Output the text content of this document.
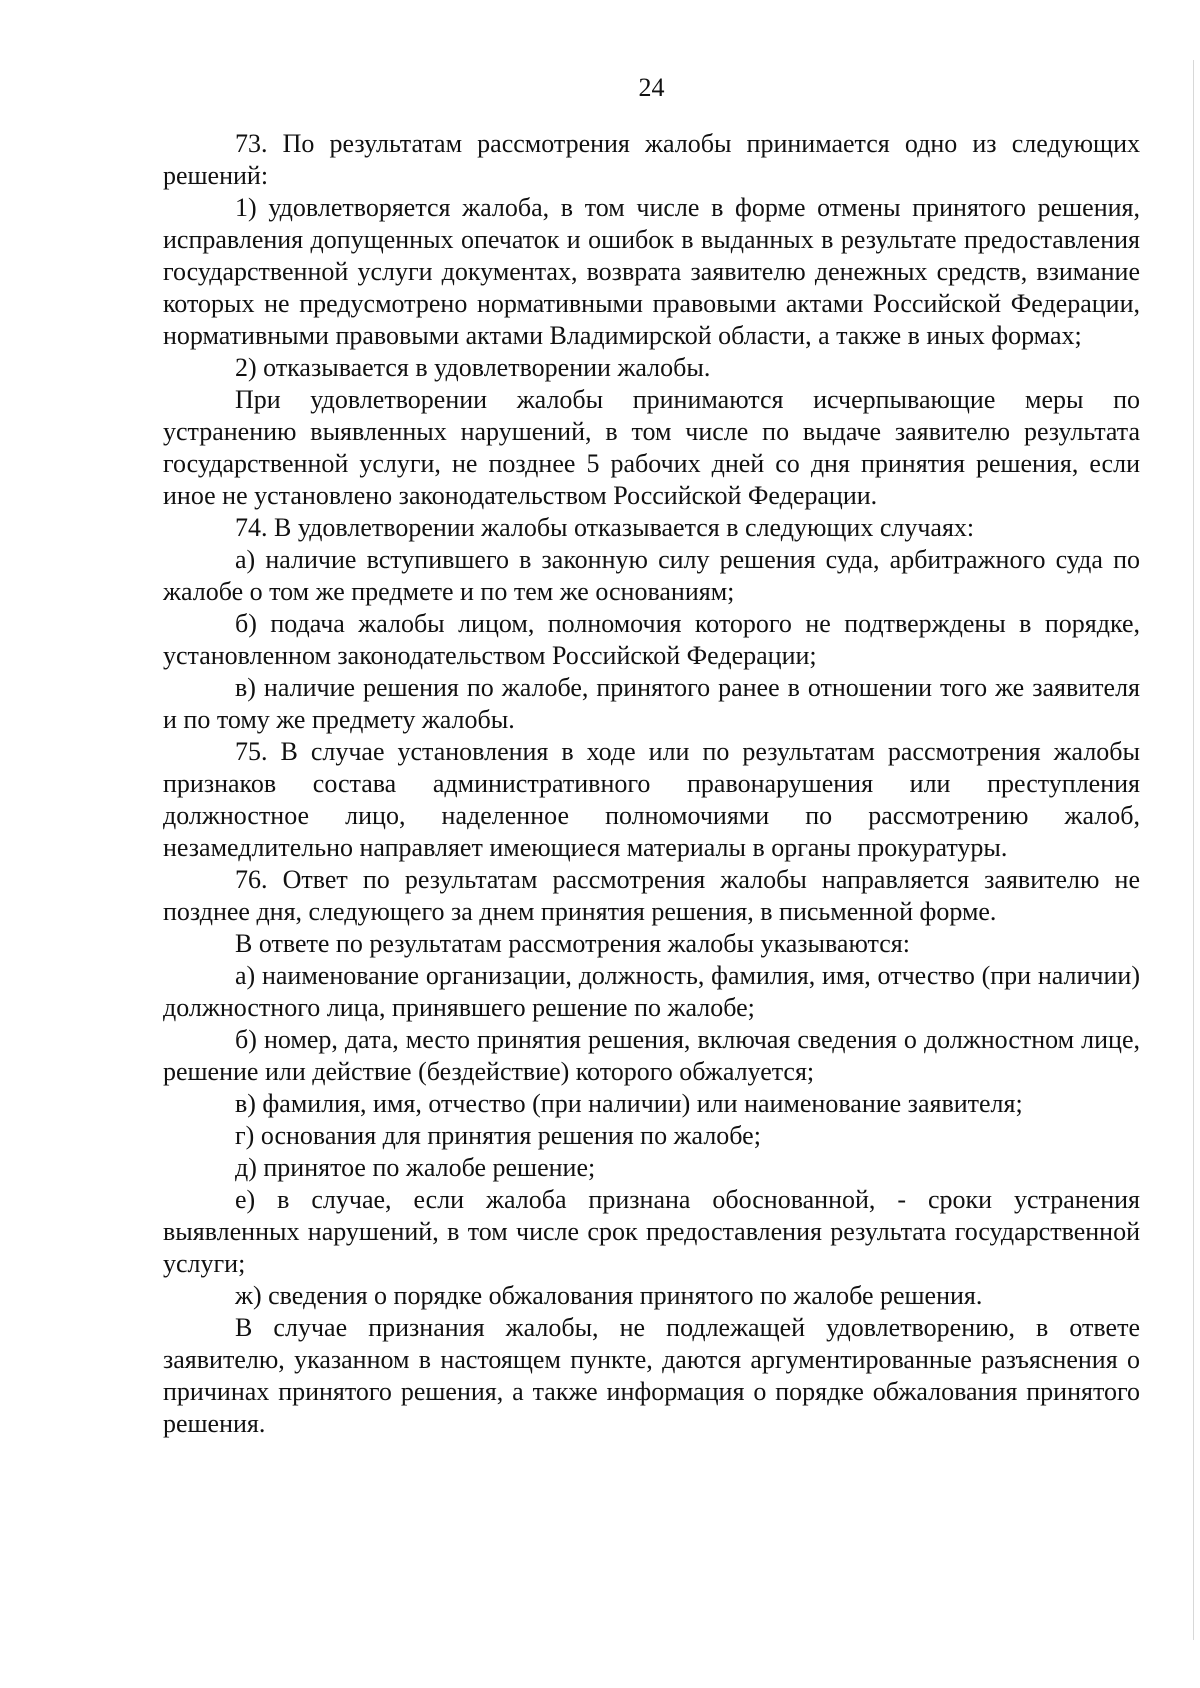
24

73. По результатам рассмотрения жалобы принимается одно из следующих решений:

1) удовлетворяется жалоба, в том числе в форме отмены принятого решения, исправления допущенных опечаток и ошибок в выданных в результате предоставления государственной услуги документах, возврата заявителю денежных средств, взимание которых не предусмотрено нормативными правовыми актами Российской Федерации, нормативными правовыми актами Владимирской области, а также в иных формах;

2) отказывается в удовлетворении жалобы.

При удовлетворении жалобы принимаются исчерпывающие меры по устранению выявленных нарушений, в том числе по выдаче заявителю результата государственной услуги, не позднее 5 рабочих дней со дня принятия решения, если иное не установлено законодательством Российской Федерации.

74. В удовлетворении жалобы отказывается в следующих случаях:

а) наличие вступившего в законную силу решения суда, арбитражного суда по жалобе о том же предмете и по тем же основаниям;

б) подача жалобы лицом, полномочия которого не подтверждены в порядке, установленном законодательством Российской Федерации;

в) наличие решения по жалобе, принятого ранее в отношении того же заявителя и по тому же предмету жалобы.

75. В случае установления в ходе или по результатам рассмотрения жалобы признаков состава административного правонарушения или преступления должностное лицо, наделенное полномочиями по рассмотрению жалоб, незамедлительно направляет имеющиеся материалы в органы прокуратуры.

76. Ответ по результатам рассмотрения жалобы направляется заявителю не позднее дня, следующего за днем принятия решения, в письменной форме.

В ответе по результатам рассмотрения жалобы указываются:

а) наименование организации, должность, фамилия, имя, отчество (при наличии) должностного лица, принявшего решение по жалобе;

б) номер, дата, место принятия решения, включая сведения о должностном лице, решение или действие (бездействие) которого обжалуется;

в) фамилия, имя, отчество (при наличии) или наименование заявителя;

г) основания для принятия решения по жалобе;

д) принятое по жалобе решение;

е) в случае, если жалоба признана обоснованной, - сроки устранения выявленных нарушений, в том числе срок предоставления результата государственной услуги;

ж) сведения о порядке обжалования принятого по жалобе решения.

В случае признания жалобы, не подлежащей удовлетворению, в ответе заявителю, указанном в настоящем пункте, даются аргументированные разъяснения о причинах принятого решения, а также информация о порядке обжалования принятого решения.
